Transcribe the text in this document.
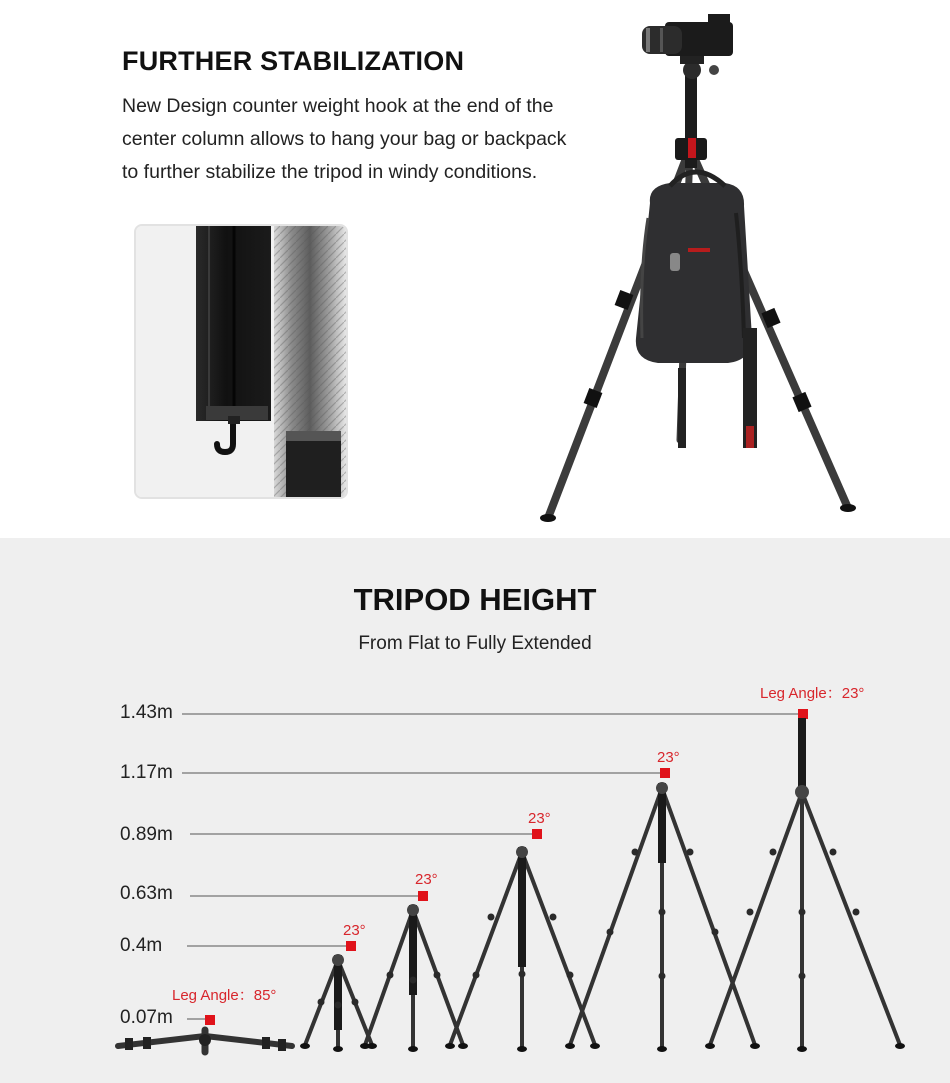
FURTHER STABILIZATION
New Design counter weight hook at the end of the
center column allows to hang your bag or backpack
to further stabilize the tripod in windy conditions.
TRIPOD HEIGHT
From Flat to Fully Extended
1.43m
1.17m
0.89m
0.63m
0.4m
0.07m
Leg Angle：23°
23°
23°
23°
23°
Leg Angle：85°
